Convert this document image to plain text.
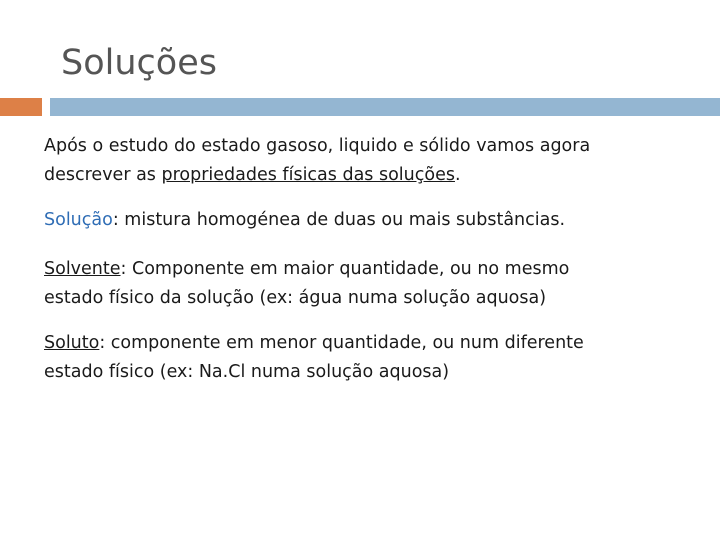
Soluções
Após o estudo do estado gasoso, liquido e sólido vamos agora
descrever as propriedades físicas das soluções.
Solução: mistura homogénea de duas ou mais substâncias.
Solvente: Componente em maior quantidade, ou no mesmo
estado físico da solução (ex: água numa solução aquosa)
Soluto: componente em menor quantidade, ou num diferente
estado físico (ex: Na.Cl numa solução aquosa)
